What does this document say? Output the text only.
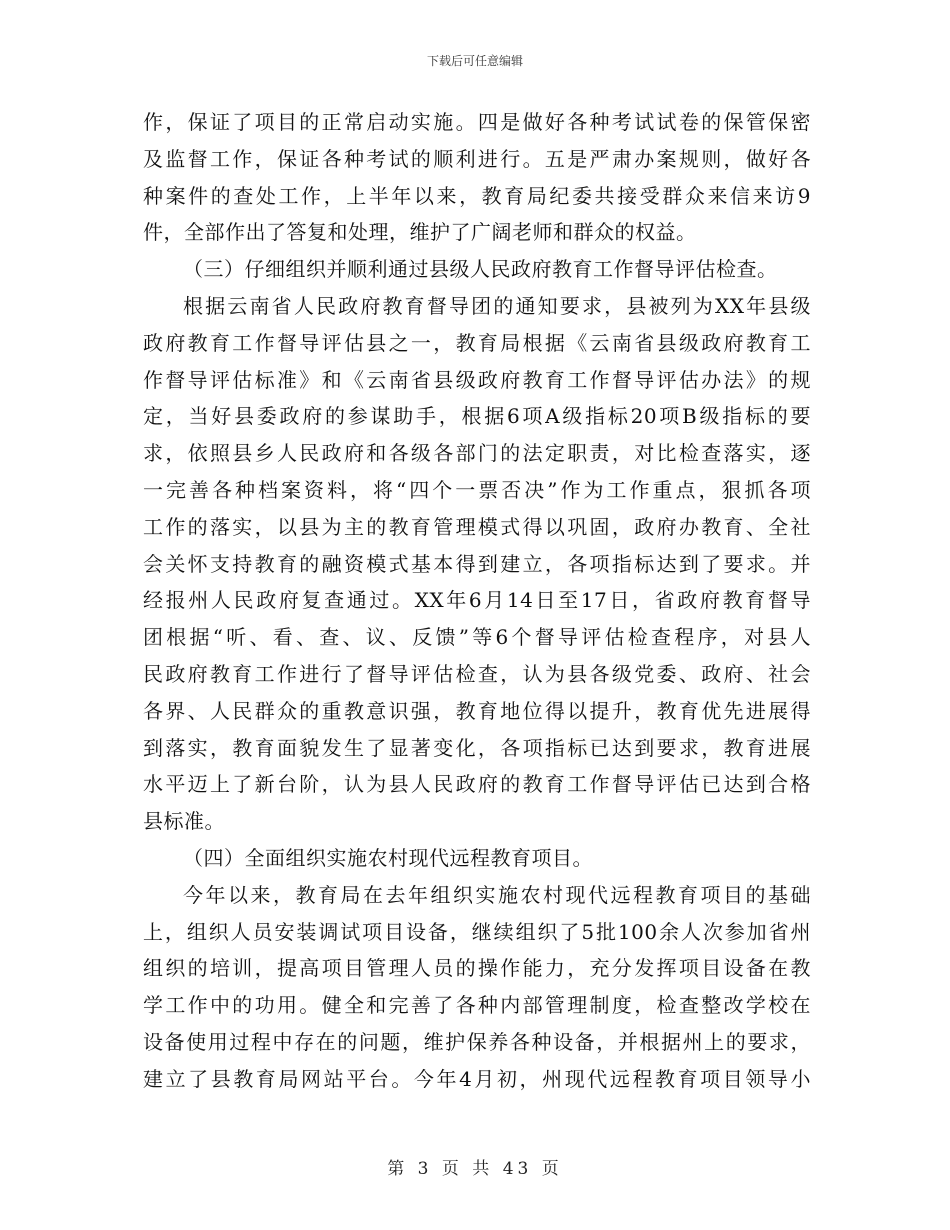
下载后可任意编辑
作，保证了项目的正常启动实施。四是做好各种考试试卷的保管保密
及监督工作，保证各种考试的顺利进行。五是严肃办案规则，做好各
种案件的查处工作，上半年以来，教育局纪委共接受群众来信来访9
件，全部作出了答复和处理，维护了广阔老师和群众的权益。
（三）仔细组织并顺利通过县级人民政府教育工作督导评估检查。
根据云南省人民政府教育督导团的通知要求，县被列为XX年县级
政府教育工作督导评估县之一，教育局根据《云南省县级政府教育工
作督导评估标准》和《云南省县级政府教育工作督导评估办法》的规
定，当好县委政府的参谋助手，根据6项A级指标20项B级指标的要
求，依照县乡人民政府和各级各部门的法定职责，对比检查落实，逐
一完善各种档案资料，将“四个一票否决”作为工作重点，狠抓各项
工作的落实，以县为主的教育管理模式得以巩固，政府办教育、全社
会关怀支持教育的融资模式基本得到建立，各项指标达到了要求。并
经报州人民政府复查通过。XX年6月14日至17日，省政府教育督导
团根据“听、看、查、议、反馈”等6个督导评估检查程序，对县人
民政府教育工作进行了督导评估检查，认为县各级党委、政府、社会
各界、人民群众的重教意识强，教育地位得以提升，教育优先进展得
到落实，教育面貌发生了显著变化，各项指标已达到要求，教育进展
水平迈上了新台阶，认为县人民政府的教育工作督导评估已达到合格
县标准。
（四）全面组织实施农村现代远程教育项目。
今年以来，教育局在去年组织实施农村现代远程教育项目的基础
上，组织人员安装调试项目设备，继续组织了5批100余人次参加省州
组织的培训，提高项目管理人员的操作能力，充分发挥项目设备在教
学工作中的功用。健全和完善了各种内部管理制度，检查整改学校在
设备使用过程中存在的问题，维护保养各种设备，并根据州上的要求，
建立了县教育局网站平台。今年4月初，州现代远程教育项目领导小
第 3 页 共 43 页
